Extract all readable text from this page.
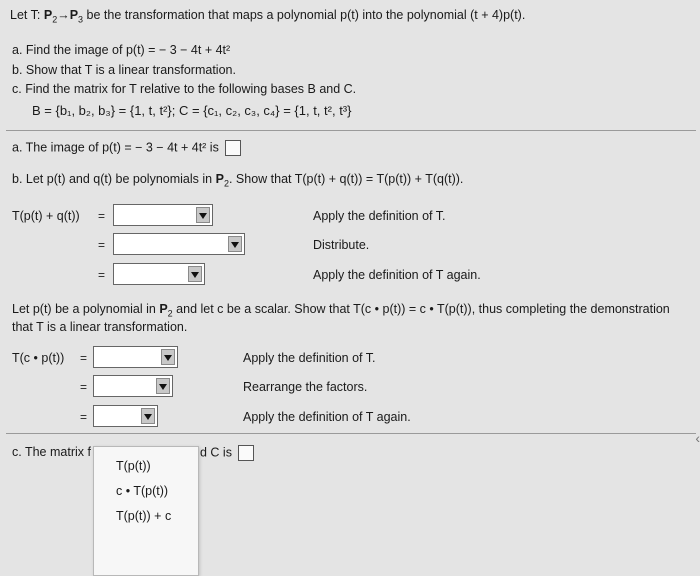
Let T: $P_2\to P_3$ be the transformation that maps a polynomial p(t) into the polynomial (t + 4)p(t).
a. Find the image of p(t) = − 3 − 4t + 4t²
b. Show that T is a linear transformation.
c. Find the matrix for T relative to the following bases B and C.
B = {b₁, b₂, b₃} = {1, t, t²}; C = {c₁, c₂, c₃, c₄} = {1, t, t², t³}
a. The image of p(t) = − 3 − 4t + 4t² is
b. Let p(t) and q(t) be polynomials in $P_2$. Show that T(p(t) + q(t)) = T(p(t)) + T(q(t)).
T(p(t) + q(t)) =	Apply the definition of T.
=	Distribute.
=	Apply the definition of T again.
Let p(t) be a polynomial in $P_2$ and let c be a scalar. Show that T(c • p(t)) = c • T(p(t)), thus completing the demonstration
that T is a linear transformation.
T(c • p(t)) =	Apply the definition of T.
=	Rearrange the factors.
=	Apply the definition of T again.
c. The matrix f	d C is
T(p(t))
c • T(p(t))
T(p(t)) + c
‹
